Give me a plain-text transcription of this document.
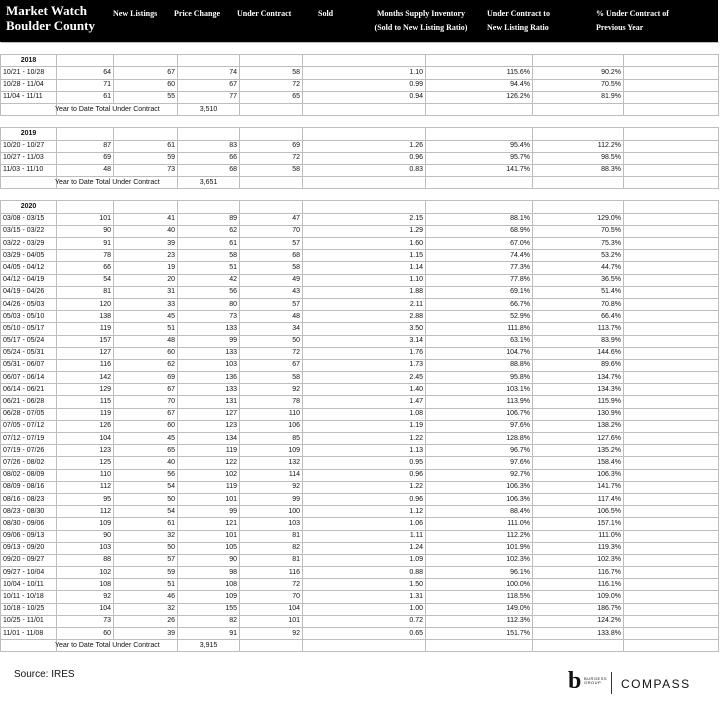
Market Watch
Boulder County
New Listings Price Change Under Contract	Sold	Months Supply Inventory
(Sold to New Listing Ratio)
Under Contract to
New Listing Ratio
% Under Contract of
Previous Year

2018								
10/21 - 10/28	64	67	74	58	1.10	115.6%	90.2%	
10/28 - 11/04	71	60	67	72	0.99	94.4%	70.5%	
11/04 - 11/11	61	55	77	65	0.94	126.2%	81.9%	
	Year to Date Total Under Contract		3,510					

2019								
10/20 - 10/27	87	61	83	69	1.26	95.4%	112.2%	
10/27 - 11/03	69	59	66	72	0.96	95.7%	98.5%	
11/03 - 11/10	48	73	68	58	0.83	141.7%	88.3%	
	Year to Date Total Under Contract		3,651					

2020								
03/08 - 03/15	101	41	89	47	2.15	88.1%	129.0%	
03/15 - 03/22	90	40	62	70	1.29	68.9%	70.5%	
03/22 - 03/29	91	39	61	57	1.60	67.0%	75.3%	
03/29 - 04/05	78	23	58	68	1.15	74.4%	53.2%	
04/05 - 04/12	66	19	51	58	1.14	77.3%	44.7%	
04/12 - 04/19	54	20	42	49	1.10	77.8%	36.5%	
04/19 - 04/26	81	31	56	43	1.88	69.1%	51.4%	
04/26 - 05/03	120	33	80	57	2.11	66.7%	70.8%	
05/03 - 05/10	138	45	73	48	2.88	52.9%	66.4%	
05/10 - 05/17	119	51	133	34	3.50	111.8%	113.7%	
05/17 - 05/24	157	48	99	50	3.14	63.1%	83.9%	
05/24 - 05/31	127	60	133	72	1.76	104.7%	144.6%	
05/31 - 06/07	116	62	103	67	1.73	88.8%	89.6%	
06/07 - 06/14	142	69	136	58	2.45	95.8%	134.7%	
06/14 - 06/21	129	67	133	92	1.40	103.1%	134.3%	
06/21 - 06/28	115	70	131	78	1.47	113.9%	115.9%	
06/28 - 07/05	119	67	127	110	1.08	106.7%	130.9%	
07/05 - 07/12	126	60	123	106	1.19	97.6%	138.2%	
07/12 - 07/19	104	45	134	85	1.22	128.8%	127.6%	
07/19 - 07/26	123	65	119	109	1.13	96.7%	135.2%	
07/26 - 08/02	125	40	122	132	0.95	97.6%	158.4%	
08/02 - 08/09	110	56	102	114	0.96	92.7%	106.3%	
08/09 - 08/16	112	54	119	92	1.22	106.3%	141.7%	
08/16 - 08/23	95	50	101	99	0.96	106.3%	117.4%	
08/23 - 08/30	112	54	99	100	1.12	88.4%	106.5%	
08/30 - 09/06	109	61	121	103	1.06	111.0%	157.1%	
09/06 - 09/13	90	32	101	81	1.11	112.2%	111.0%	
09/13 - 09/20	103	50	105	82	1.24	101.9%	119.3%	
09/20 - 09/27	88	57	90	81	1.09	102.3%	102.3%	
09/27 - 10/04	102	59	98	116	0.88	96.1%	116.7%	
10/04 - 10/11	108	51	108	72	1.50	100.0%	116.1%	
10/11 - 10/18	92	46	109	70	1.31	118.5%	109.0%	
10/18 - 10/25	104	32	155	104	1.00	149.0%	186.7%	
10/25 - 11/01	73	26	82	101	0.72	112.3%	124.2%	
11/01 - 11/08	60	39	91	92	0.65	151.7%	133.8%	
	Year to Date Total Under Contract		3,915					
Source: IRES	b BURGESS
GROUP	COMPASS
